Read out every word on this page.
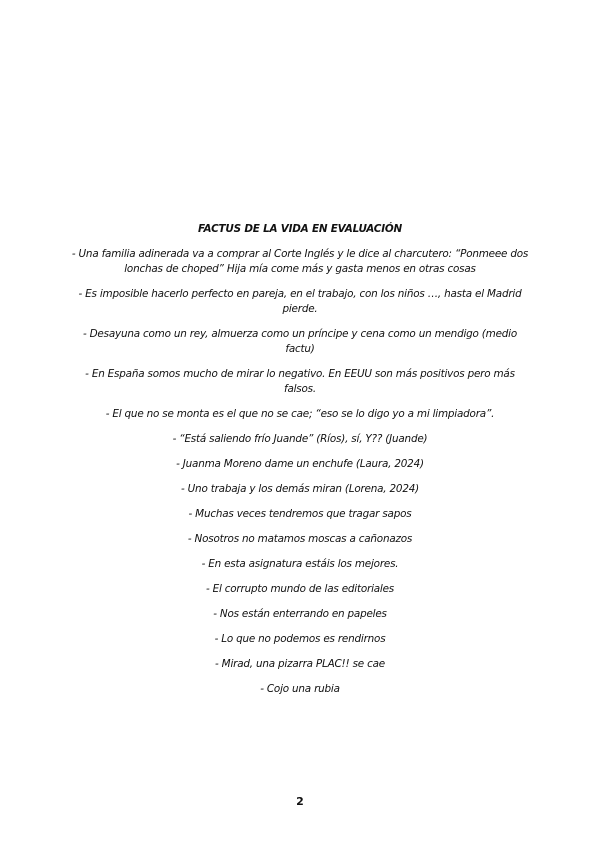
FACTUS DE LA VIDA EN EVALUACIÓN
- Una familia adinerada va a comprar al Corte Inglés y le dice al charcutero: “Ponmeee dos lonchas de choped” Hija mía come más y gasta menos en otras cosas
- Es imposible hacerlo perfecto en pareja, en el trabajo, con los niños …, hasta el Madrid pierde.
- Desayuna como un rey, almuerza como un príncipe y cena como un mendigo (medio factu)
- En España somos mucho de mirar lo negativo. En EEUU son más positivos pero más falsos.
- El que no se monta es el que no se cae; “eso se lo digo yo a mi limpiadora”.
- “Está saliendo frío Juande” (Ríos), sí, Y?? (Juande)
- Juanma Moreno dame un enchufe (Laura, 2024)
- Uno trabaja y los demás miran (Lorena, 2024)
- Muchas veces tendremos que tragar sapos
- Nosotros no matamos moscas a cañonazos
- En esta asignatura estáis los mejores.
- El corrupto mundo de las editoriales
- Nos están enterrando en papeles
- Lo que no podemos es rendirnos
- Mirad, una pizarra PLAC!! se cae
- Cojo una rubia
2
